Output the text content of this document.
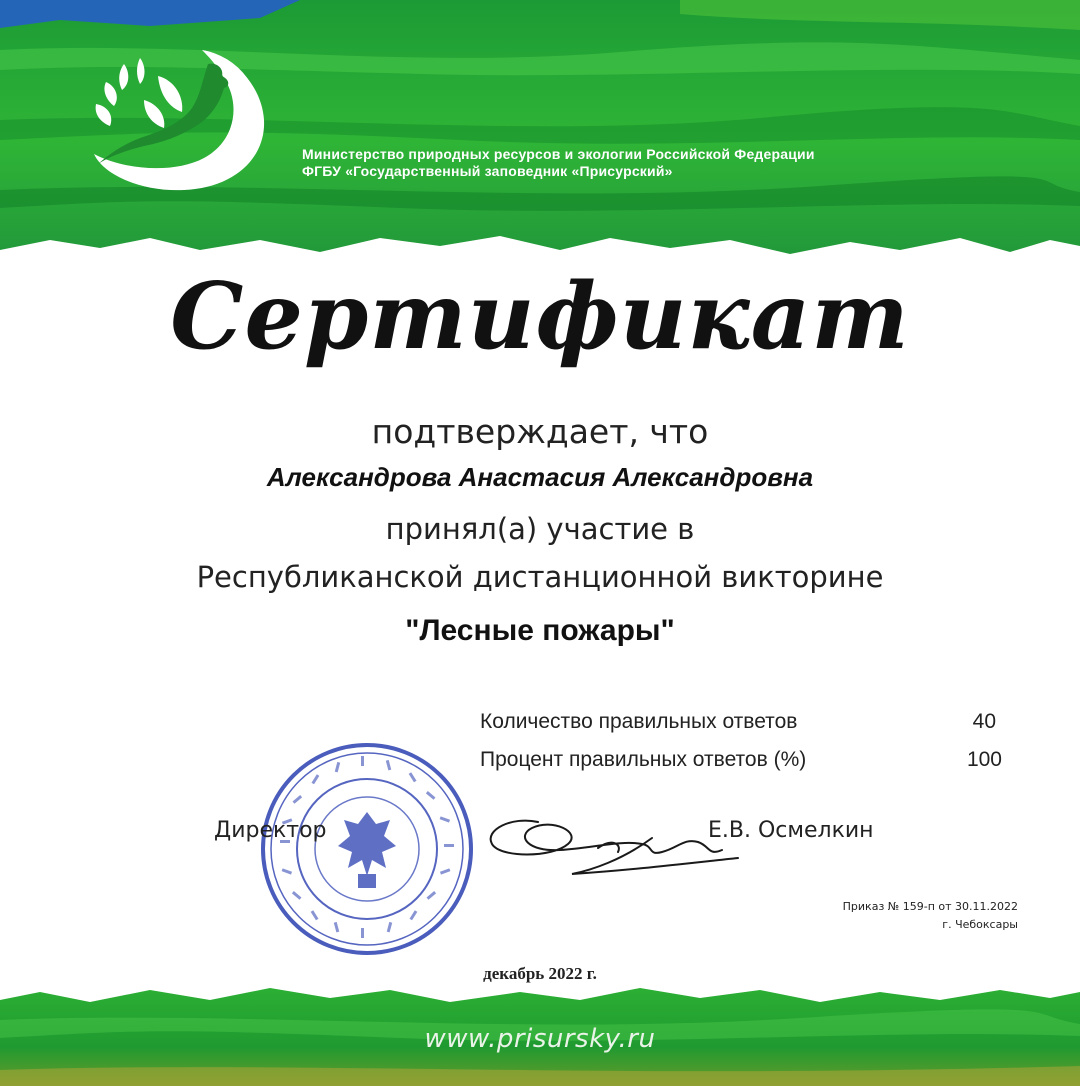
Министерство природных ресурсов и экологии Российской Федерации
ФГБУ «Государственный заповедник «Присурский»
Сертификат
подтверждает, что
Александрова Анастасия Александровна
принял(а) участие в
Республиканской дистанционной викторине
"Лесные пожары"
Количество правильных ответов	40
Процент правильных ответов (%)	100
Директор	Е.В. Осмелкин
Приказ № 159-п от 30.11.2022
г. Чебоксары
декабрь 2022 г.
www.prisursky.ru
